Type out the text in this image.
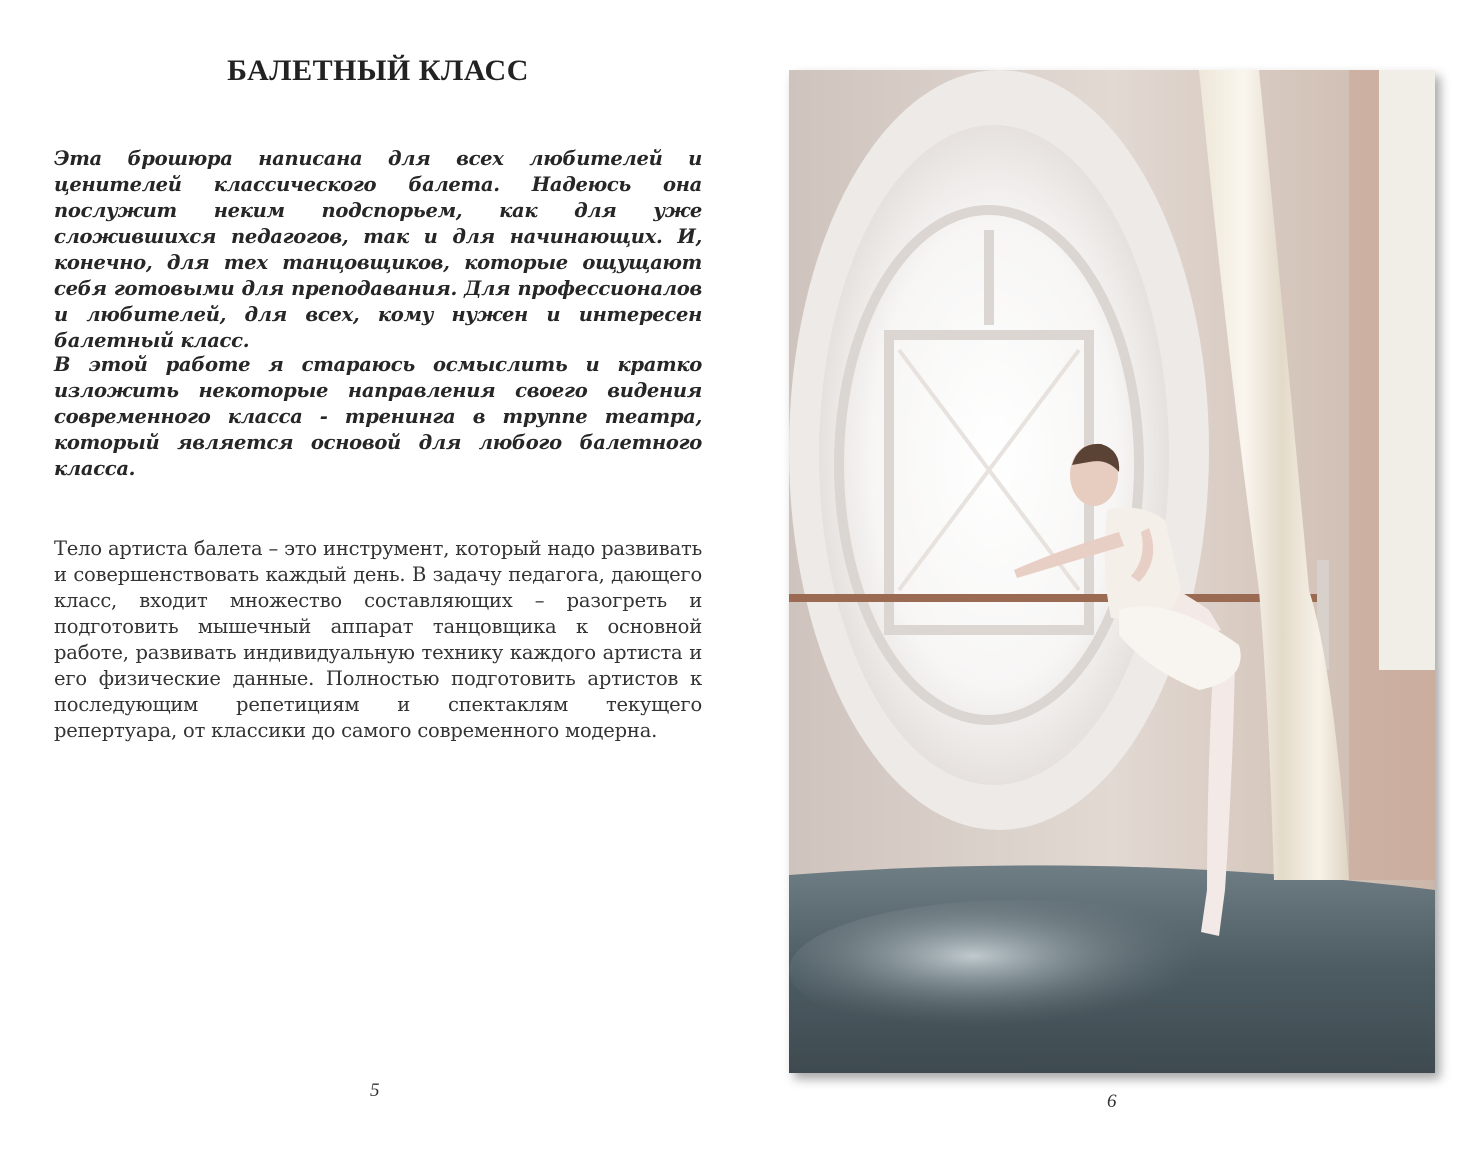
БАЛЕТНЫЙ КЛАСС

Эта брошюра написана для всех любителей и ценителей классического балета. Надеюсь она послужит неким подспорьем, как для уже сложившихся педагогов, так и для начинающих. И, конечно, для тех танцовщиков, которые ощущают себя готовыми для преподавания. Для профессионалов и любителей, для всех, кому нужен и интересен балетный класс.

В этой работе я стараюсь осмыслить и кратко изложить некоторые направления своего видения современного класса - тренинга в труппе театра, который является основой для любого балетного класса.

Тело артиста балета – это инструмент, который надо развивать и совершенствовать каждый день. В задачу педагога, дающего класс, входит множество составляющих – разогреть и подготовить мышечный аппарат танцовщика к основной работе, развивать индивидуальную технику каждого артиста и его физические данные. Полностью подготовить артистов к последующим репетициям и спектаклям текущего репертуара, от классики до самого современного модерна.

5
6
